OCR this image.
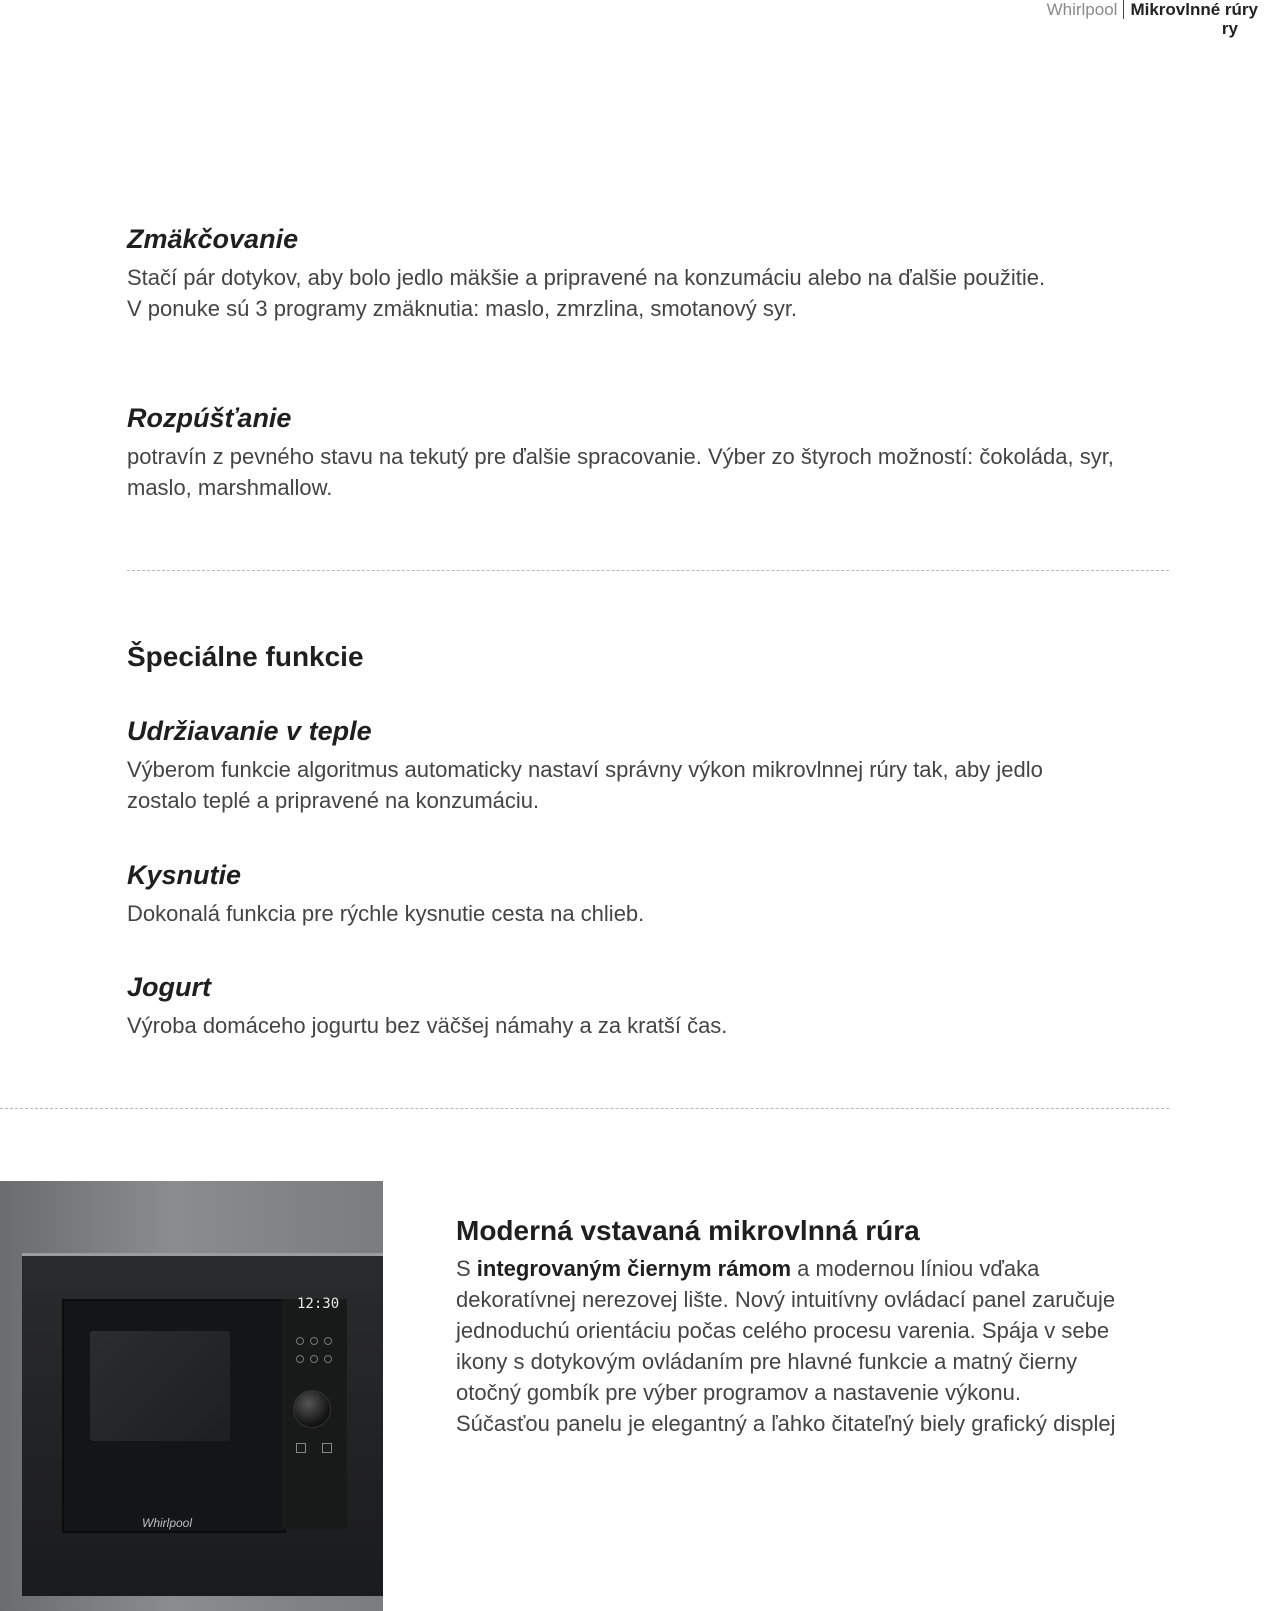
Whirlpool Mikrovlnné rúry
ry
Zmäkčovanie

Stačí pár dotykov, aby bolo jedlo mäkšie a pripravené na konzumáciu alebo na ďalšie použitie.
V ponuke sú 3 programy zmäknutia: maslo, zmrzlina, smotanový syr.

Rozpúšťanie

potravín z pevného stavu na tekutý pre ďalšie spracovanie. Výber zo štyroch možností: čokoláda, syr,
maslo, marshmallow.

Špeciálne funkcie
Udržiavanie v teple

Výberom funkcie algoritmus automaticky nastaví správny výkon mikrovlnnej rúry tak, aby jedlo
zostalo teplé a pripravené na konzumáciu.

Kysnutie

Dokonalá funkcia pre rýchle kysnutie cesta na chlieb.

Jogurt

Výroba domáceho jogurtu bez väčšej námahy a za kratší čas.

12:30
Whirlpool
Moderná vstavaná mikrovlnná rúra

S integrovaným čiernym rámom a modernou líniou vďaka
dekoratívnej nerezovej lište. Nový intuitívny ovládací panel zaručuje
jednoduchú orientáciu počas celého procesu varenia. Spája v sebe
ikony s dotykovým ovládaním pre hlavné funkcie a matný čierny
otočný gombík pre výber programov a nastavenie výkonu.
Súčasťou panelu je elegantný a ľahko čitateľný biely grafický displej
